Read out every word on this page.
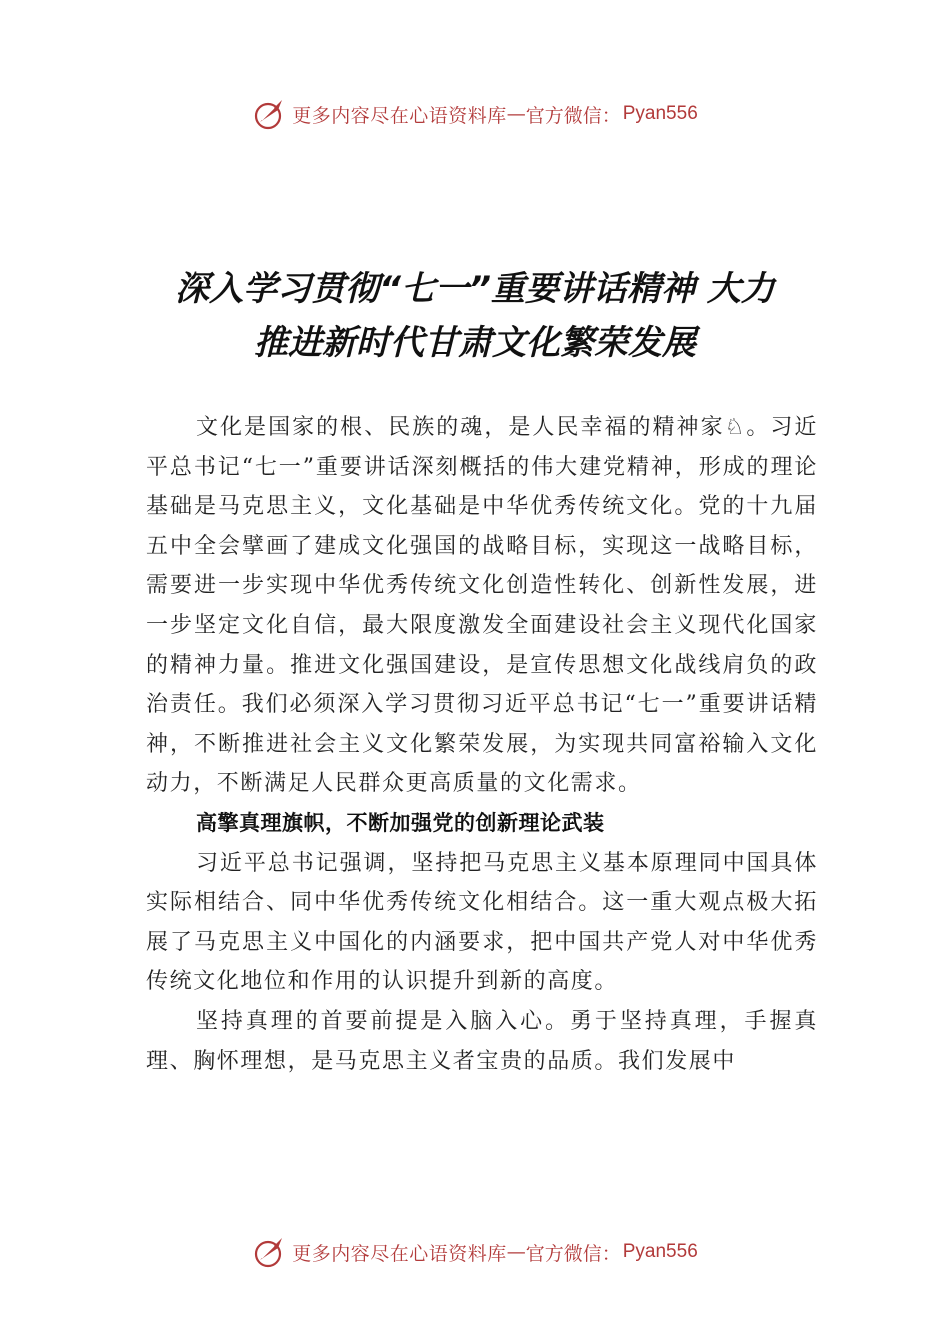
更多内容尽在心语资料库 — 官方微信： Pyan556
深入学习贯彻“七一”重要讲话精神 大力
推进新时代甘肃文化繁荣发展

文化是国家的根、民族的魂，是人民幸福的精神家♘。习近平总书记“七一”重要讲话深刻概括的伟大建党精神，形成的理论基础是马克思主义，文化基础是中华优秀传统文化。党的十九届五中全会擘画了建成文化强国的战略目标，实现这一战略目标，需要进一步实现中华优秀传统文化创造性转化、创新性发展，进一步坚定文化自信，最大限度激发全面建设社会主义现代化国家的精神力量。推进文化强国建设，是宣传思想文化战线肩负的政治责任。我们必须深入学习贯彻习近平总书记“七一”重要讲话精神，不断推进社会主义文化繁荣发展，为实现共同富裕输入文化动力，不断满足人民群众更高质量的文化需求。

高擎真理旗帜，不断加强党的创新理论武装

习近平总书记强调，坚持把马克思主义基本原理同中国具体实际相结合、同中华优秀传统文化相结合。这一重大观点极大拓展了马克思主义中国化的内涵要求，把中国共产党人对中华优秀传统文化地位和作用的认识提升到新的高度。

坚持真理的首要前提是入脑入心。勇于坚持真理，手握真理、胸怀理想，是马克思主义者宝贵的品质。我们发展中

更多内容尽在心语资料库 — 官方微信： Pyan556
